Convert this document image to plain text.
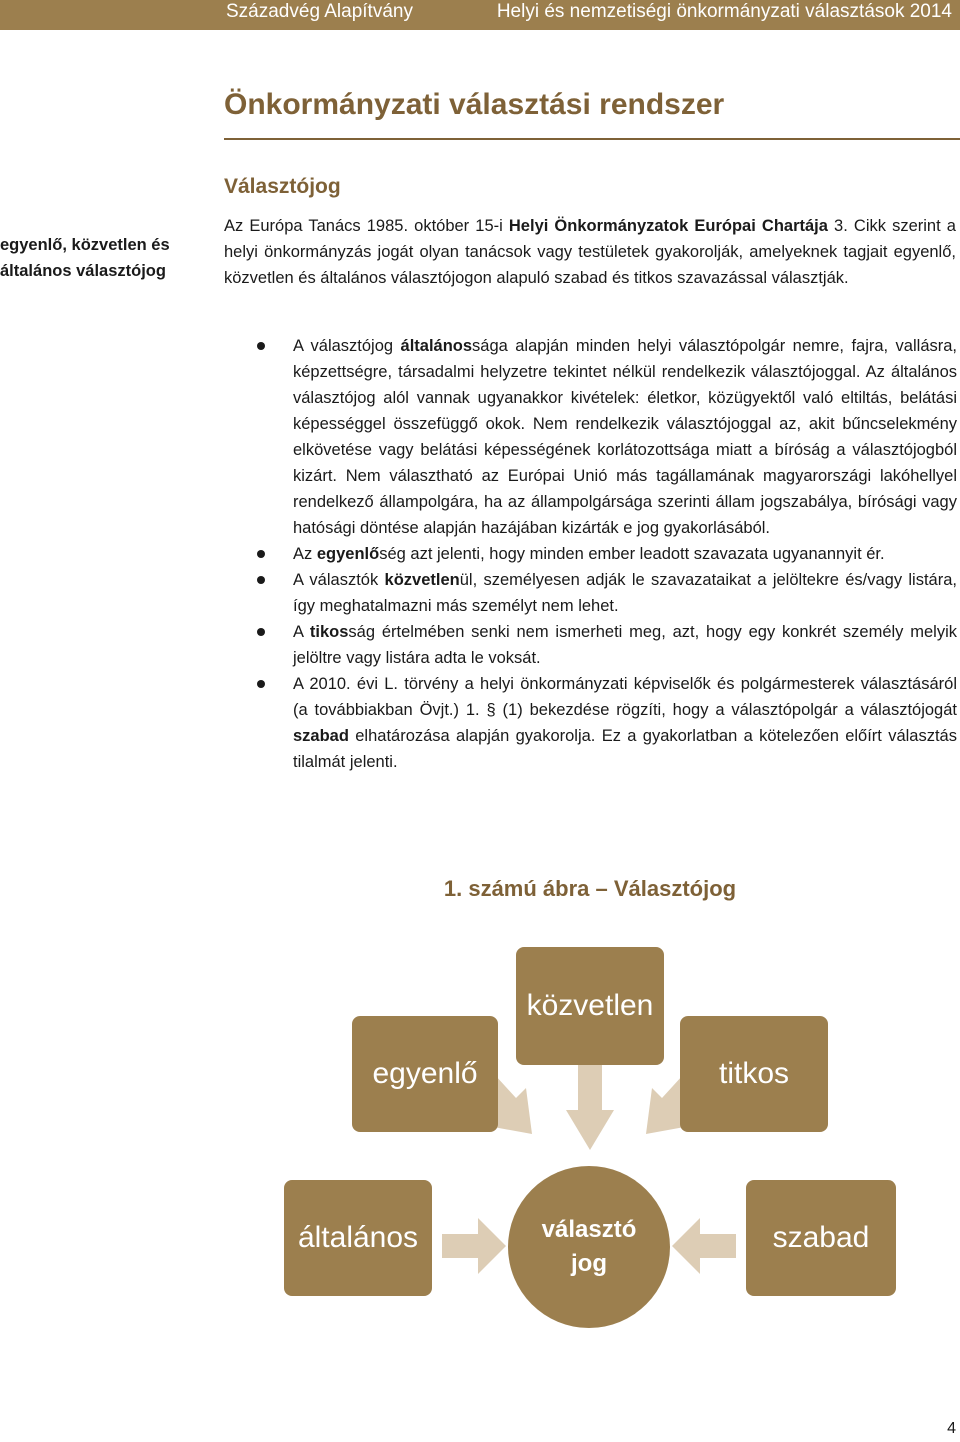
Századvég Alapítvány	Helyi és nemzetiségi önkormányzati választások 2014
Önkormányzati választási rendszer
Választójog
egyenlő, közvetlen és általános választójog

Az Európa Tanács 1985. október 15-i Helyi Önkormányzatok Európai Chartája 3. Cikk szerint a helyi önkormányzás jogát olyan tanácsok vagy testületek gyakorolják, amelyeknek tagjait egyenlő, közvetlen és általános választójogon alapuló szabad és titkos szavazással választják.

A választójog általánossága alapján minden helyi választópolgár nemre, fajra, vallásra, képzettségre, társadalmi helyzetre tekintet nélkül rendelkezik választójoggal. Az általános választójog alól vannak ugyanakkor kivételek: életkor, közügyektől való eltiltás, belátási képességgel összefüggő okok. Nem rendelkezik választójoggal az, akit bűncselekmény elkövetése vagy belátási képességének korlátozottsága miatt a bíróság a választójogból kizárt. Nem választható az Európai Unió más tagállamának magyarországi lakóhellyel rendelkező állampolgára, ha az állampolgársága szerinti állam jogszabálya, bírósági vagy hatósági döntése alapján hazájában kizárták e jog gyakorlásából.
Az egyenlőség azt jelenti, hogy minden ember leadott szavazata ugyanannyit ér.
A választók közvetlenül, személyesen adják le szavazataikat a jelöltekre és/vagy listára, így meghatalmazni más személyt nem lehet.
A tikosság értelmében senki nem ismerheti meg, azt, hogy egy konkrét személy melyik jelöltre vagy listára adta le voksát.
A 2010. évi L. törvény a helyi önkormányzati képviselők és polgármesterek választásáról (a továbbiakban Övjt.) 1. § (1) bekezdése rögzíti, hogy a választópolgár a választójogát szabad elhatározása alapján gyakorolja. Ez a gyakorlatban a kötelezően előírt választás tilalmát jelenti.
1. számú ábra – Választójog
közvetlen
egyenlő	titkos
általános	szabad
választó
jog
4
